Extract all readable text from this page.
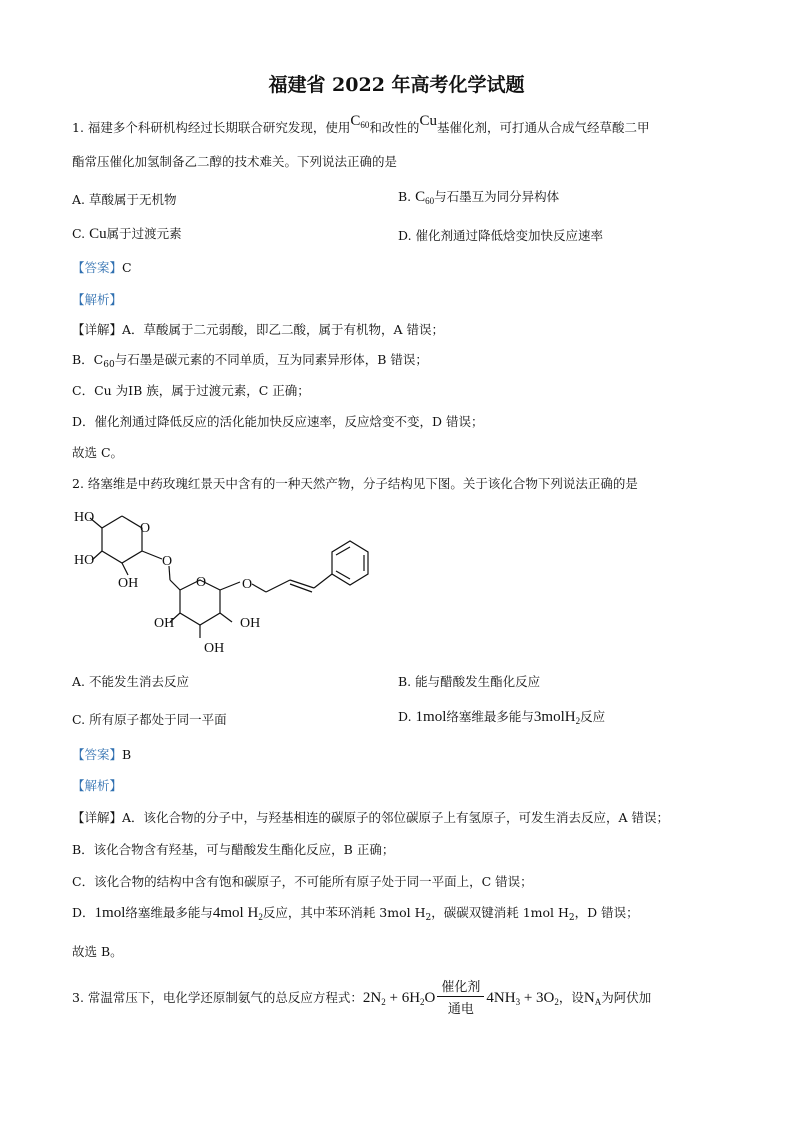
福建省 2022 年高考化学试题
1. 福建多个科研机构经过长期联合研究发现，使用$C_{60}$和改性的Cu基催化剂，可打通从合成气经草酸二甲
酯常压催化加氢制备乙二醇的技术难关。下列说法正确的是
A. 草酸属于无机物	B. $C_{60}$与石墨互为同分异构体
C. Cu属于过渡元素	D. 催化剂通过降低焓变加快反应速率
【答案】C
【解析】
【详解】A．草酸属于二元弱酸，即乙二酸，属于有机物，A 错误；
B．$C_{60}$与石墨是碳元素的不同单质，互为同素异形体，B 错误；
C．Cu 为IB 族，属于过渡元素，C 正确；
D．催化剂通过降低反应的活化能加快反应速率，反应焓变不变，D 错误；
故选 C。
2. 络塞维是中药玫瑰红景天中含有的一种天然产物，分子结构见下图。关于该化合物下列说法正确的是
HO
HO
OH
OH	OH
OH
O
O
O	O
A. 不能发生消去反应	B. 能与醋酸发生酯化反应
C. 所有原子都处于同一平面	D. 1mol络塞维最多能与3molH$_2$反应
【答案】B
【解析】
【详解】A．该化合物的分子中，与羟基相连的碳原子的邻位碳原子上有氢原子，可发生消去反应，A 错误；
B．该化合物含有羟基，可与醋酸发生酯化反应，B 正确；
C．该化合物的结构中含有饱和碳原子，不可能所有原子处于同一平面上，C 错误；
D．1mol络塞维最多能与4mol $H_2$反应，其中苯环消耗 3mol $H_2$，碳碳双键消耗 1mol $H_2$，D 错误；
故选 B。
3. 常温常压下，电化学还原制氨气的总反应方程式：$2N_2 + 6H_2O \frac{\text{催化剂}}{\text{通电}} 4NH_3 + 3O_2$，设$N_A$为阿伏加
